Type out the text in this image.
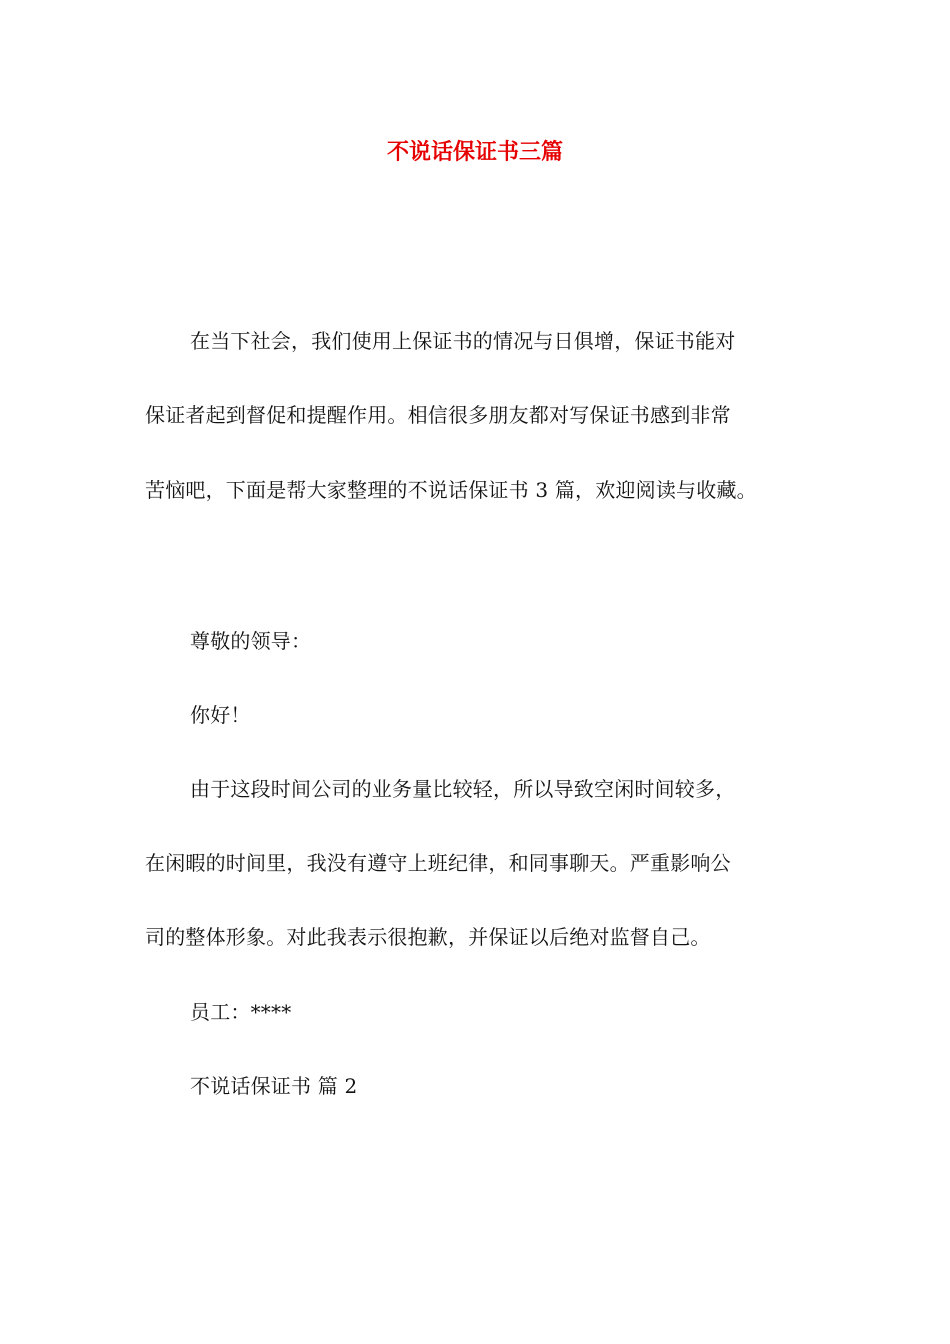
不说话保证书三篇
在当下社会，我们使用上保证书的情况与日俱增，保证书能对
保证者起到督促和提醒作用。相信很多朋友都对写保证书感到非常
苦恼吧，下面是帮大家整理的不说话保证书 3 篇，欢迎阅读与收藏。
尊敬的领导：
你好！
由于这段时间公司的业务量比较轻，所以导致空闲时间较多，
在闲暇的时间里，我没有遵守上班纪律，和同事聊天。严重影响公
司的整体形象。对此我表示很抱歉，并保证以后绝对监督自己。
员工：****
不说话保证书 篇 2
